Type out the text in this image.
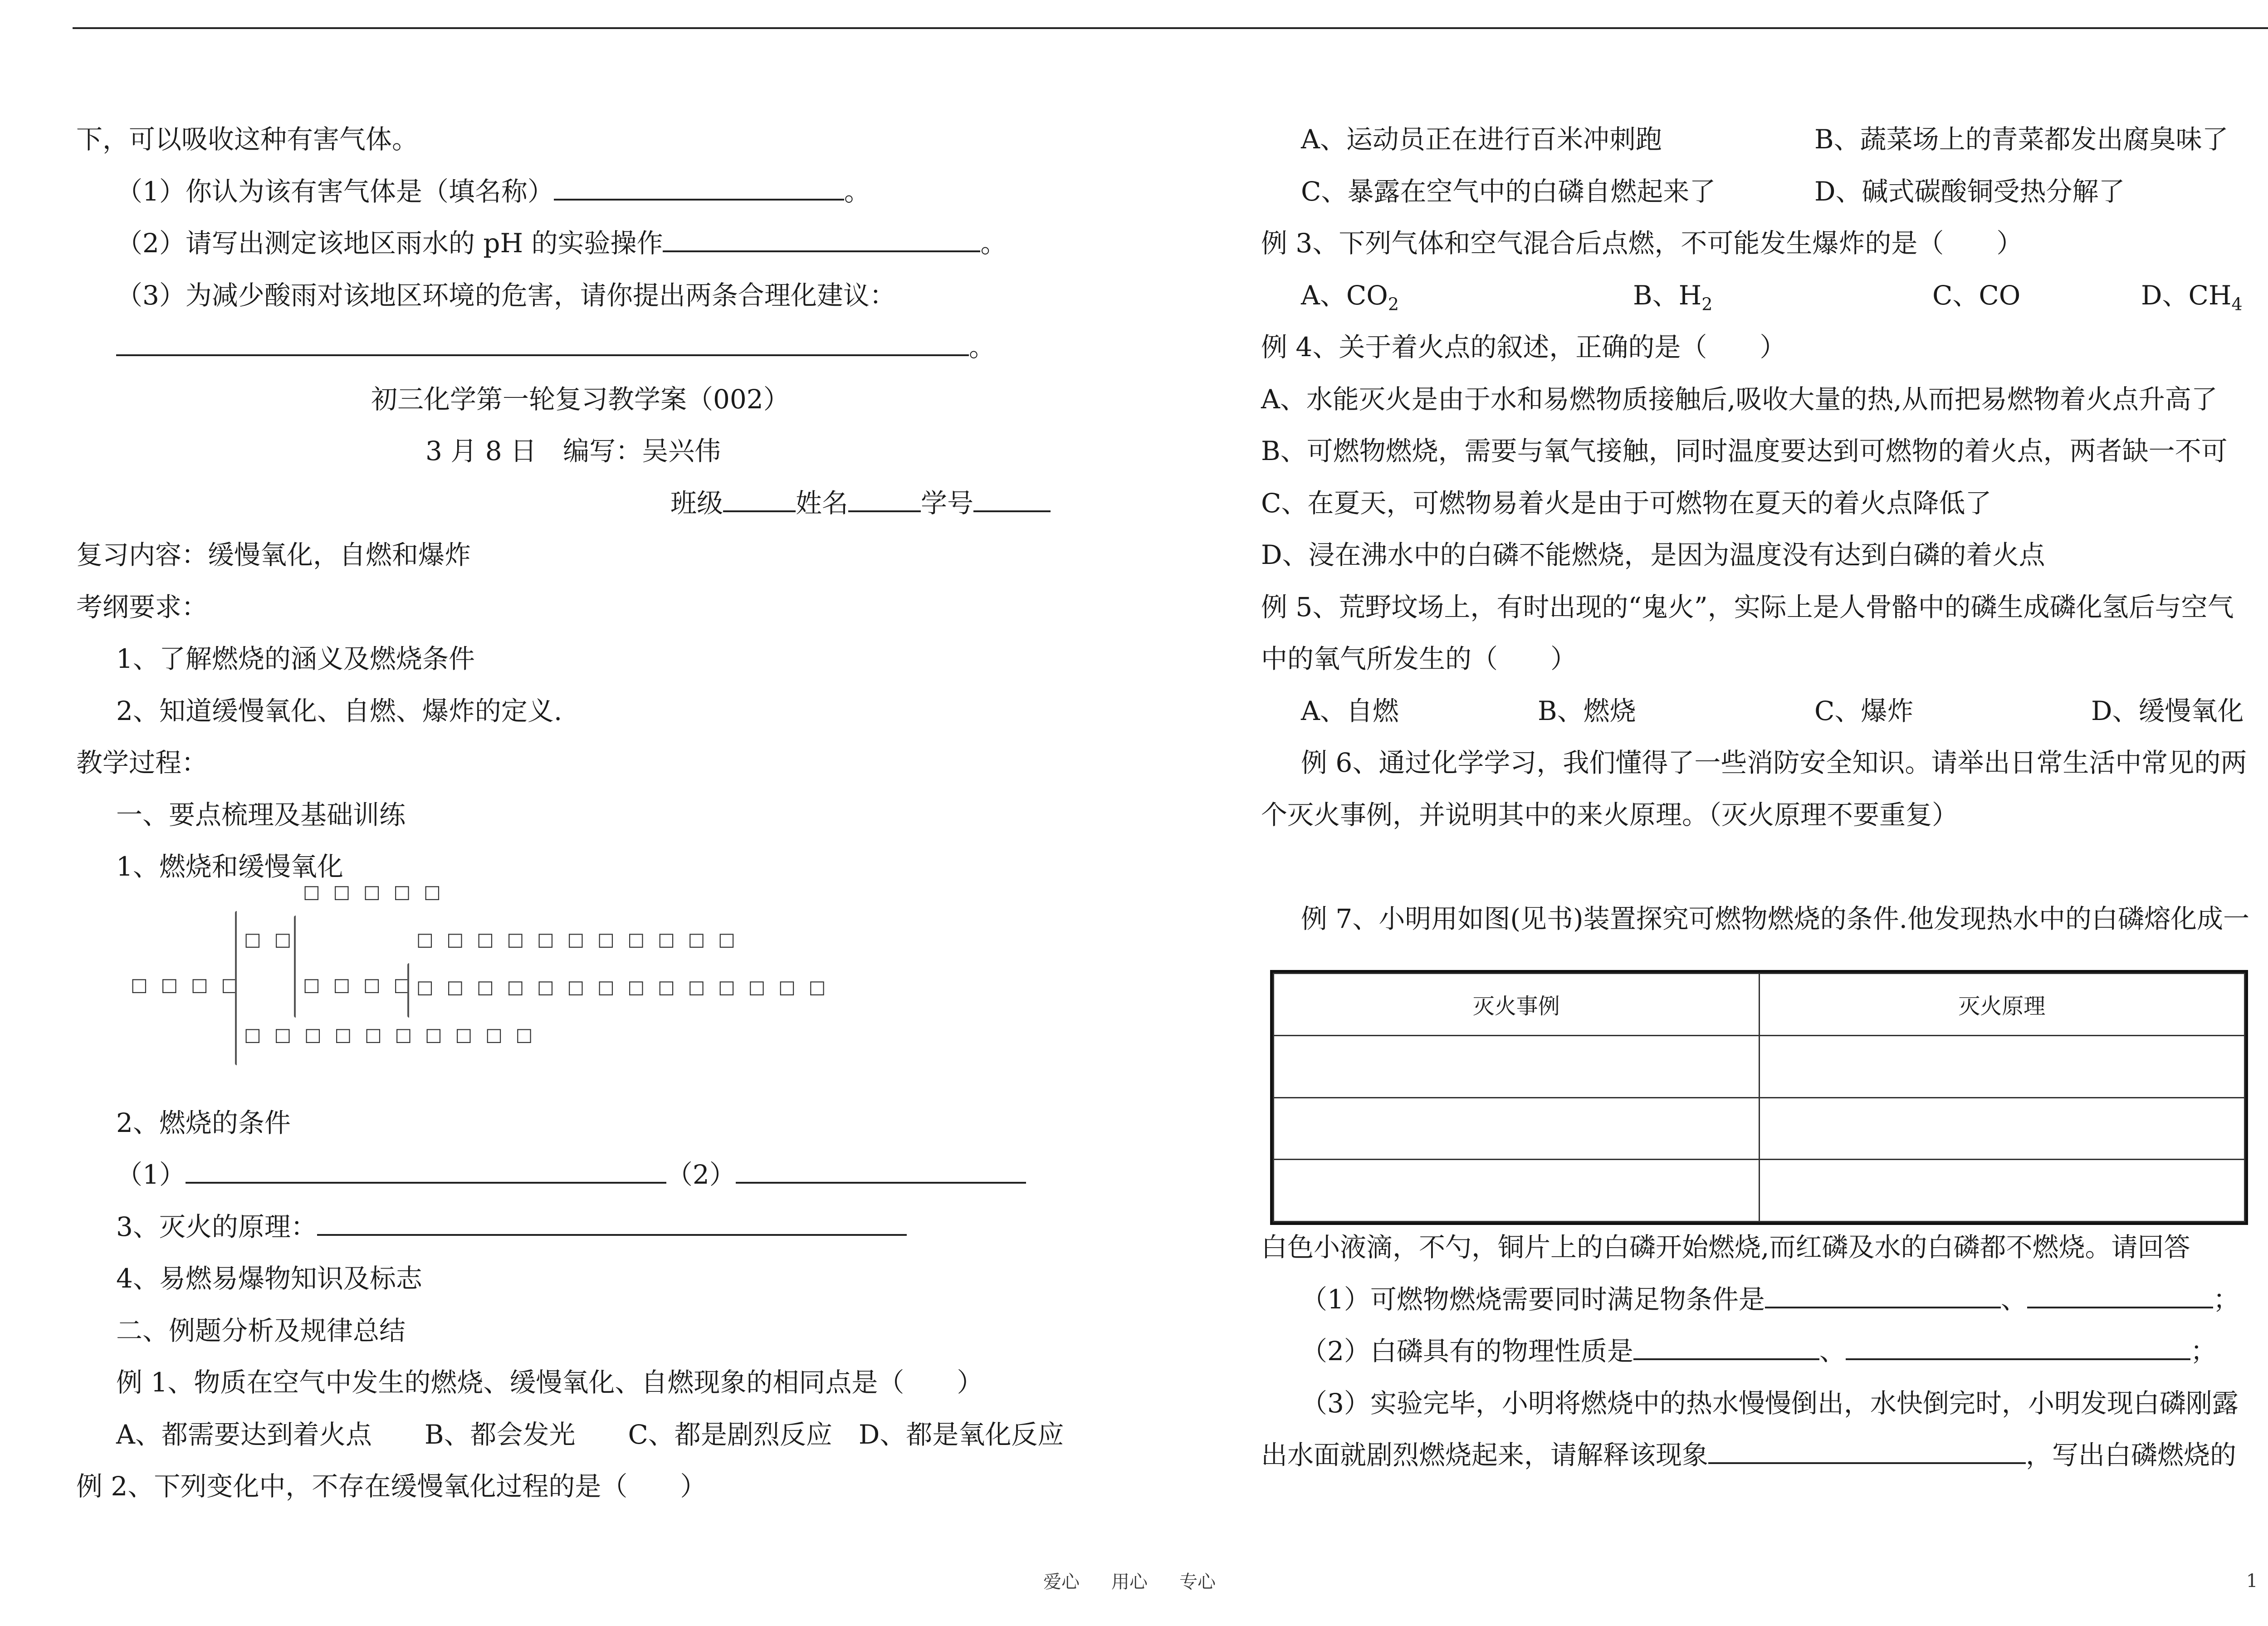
下，可以吸收这种有害气体。
（1）你认为该有害气体是（填名称）	。
（2）请写出测定该地区雨水的 pH 的实验操作	。
（3）为减少酸雨对该地区环境的危害，请你提出两条合理化建议：
。
初三化学第一轮复习教学案（002）
3 月 8 日　编写：吴兴伟
班级	姓名	学号
复习内容：缓慢氧化，自燃和爆炸
考纲要求：
1、了解燃烧的涵义及燃烧条件
2、知道缓慢氧化、自燃、爆炸的定义.
教学过程：
一、要点梳理及基础训练
1、燃烧和缓慢氧化
□ □ □ □
□ □
□ □ □ □ □
□ □ □ □
□ □ □ □ □ □ □ □ □ □ □
□ □ □ □ □ □ □ □ □ □ □ □ □ □
□ □ □ □ □ □ □ □ □ □
2、燃烧的条件
（1）	（2）
3、灭火的原理：
4、易燃易爆物知识及标志
二、例题分析及规律总结
例 1、物质在空气中发生的燃烧、缓慢氧化、自燃现象的相同点是（　　）
A、都需要达到着火点　　B、都会发光　　C、都是剧烈反应　D、都是氧化反应
例 2、下列变化中，不存在缓慢氧化过程的是（　　）
A、运动员正在进行百米冲刺跑	B、蔬菜场上的青菜都发出腐臭味了
C、暴露在空气中的白磷自燃起来了	D、碱式碳酸铜受热分解了
例 3、下列气体和空气混合后点燃，不可能发生爆炸的是（　　）
A、$CO_2$	B、$H_2$	C、CO	D、$CH_4$
例 4、关于着火点的叙述，正确的是（　　）
A、水能灭火是由于水和易燃物质接触后,吸收大量的热,从而把易燃物着火点升高了
B、可燃物燃烧，需要与氧气接触，同时温度要达到可燃物的着火点，两者缺一不可
C、在夏天，可燃物易着火是由于可燃物在夏天的着火点降低了
D、浸在沸水中的白磷不能燃烧，是因为温度没有达到白磷的着火点
例 5、荒野坟场上，有时出现的“鬼火”，实际上是人骨骼中的磷生成磷化氢后与空气
中的氧气所发生的（　　）
A、自燃	B、燃烧	C、爆炸	D、缓慢氧化
例 6、通过化学学习，我们懂得了一些消防安全知识。请举出日常生活中常见的两
个灭火事例，并说明其中的来火原理。（灭火原理不要重复）
例 7、小明用如图(见书)装置探究可燃物燃烧的条件.他发现热水中的白磷熔化成一
灭火事例	灭火原理

白色小液滴，不勺，铜片上的白磷开始燃烧,而红磷及水的白磷都不燃烧。请回答
（1）可燃物燃烧需要同时满足物条件是	、	；
（2）白磷具有的物理性质是	、	；
（3）实验完毕，小明将燃烧中的热水慢慢倒出，水快倒完时，小明发现白磷刚露
出水面就剧烈燃烧起来，请解释该现象	，写出白磷燃烧的
爱心 用心 专心	1
